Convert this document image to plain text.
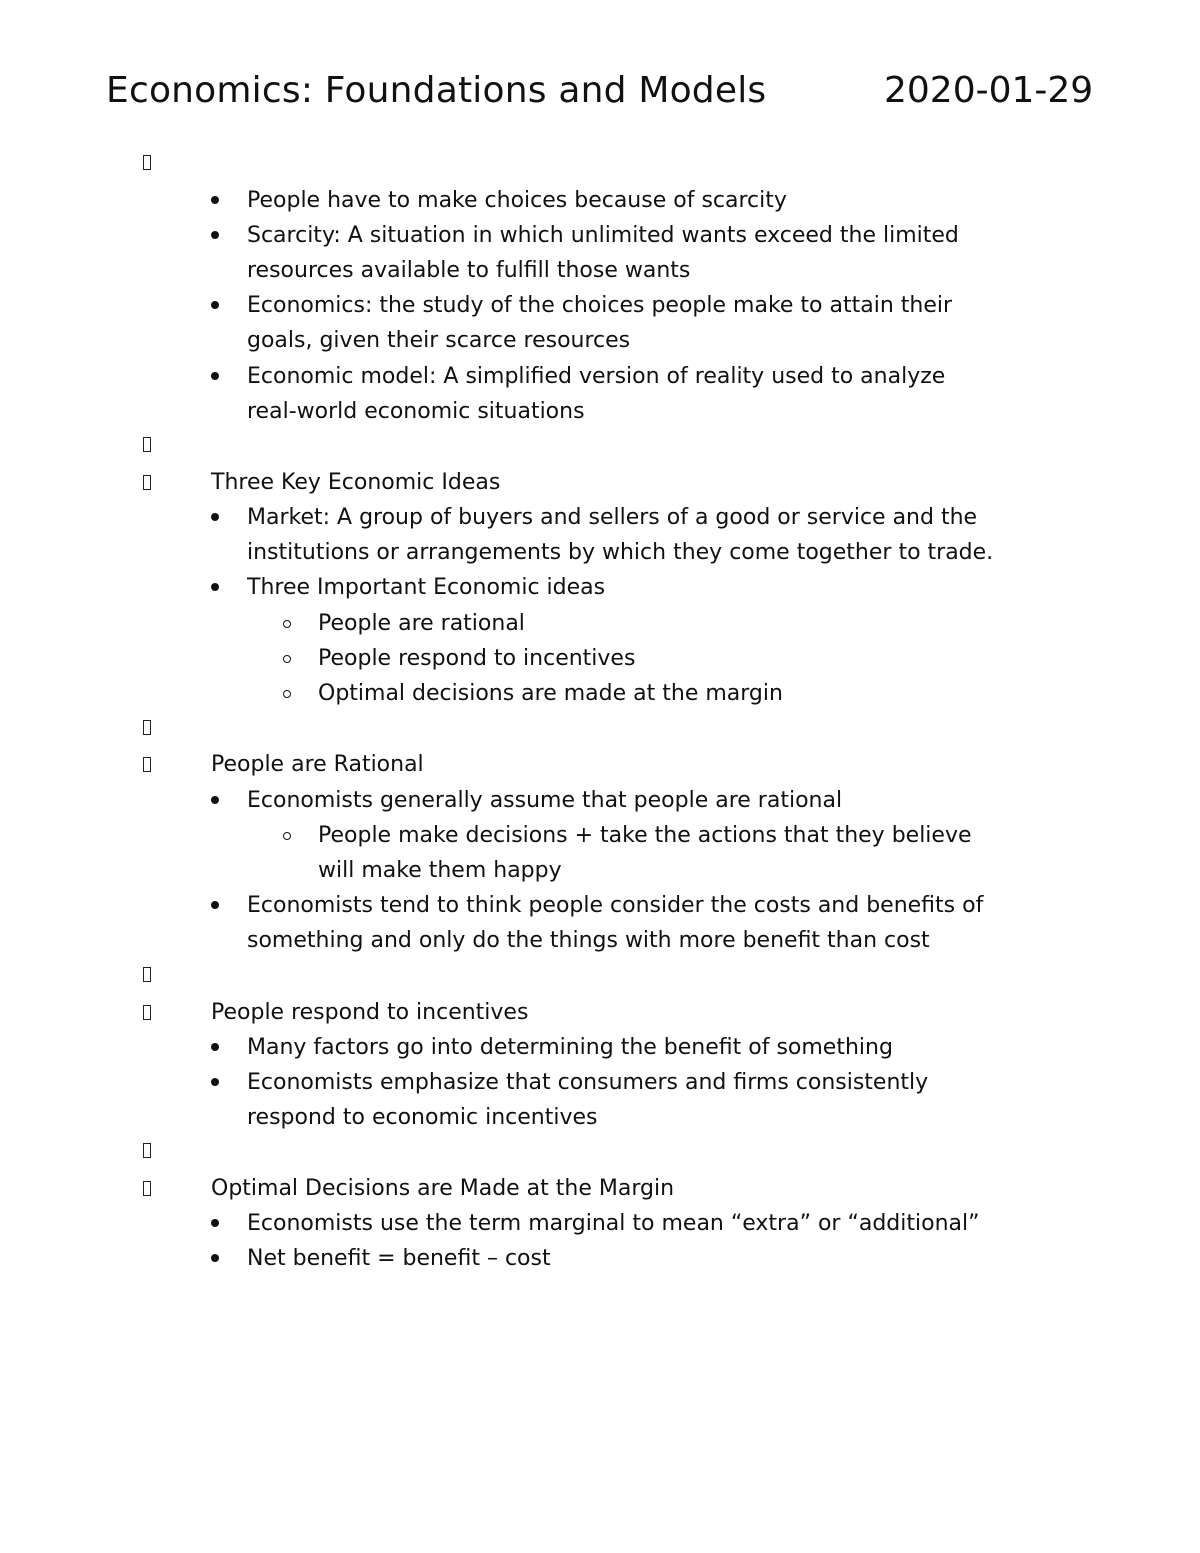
Economics: Foundations and Models	2020-01-29
People have to make choices because of scarcity
Scarcity: A situation in which unlimited wants exceed the limited
resources available to fulfill those wants
Economics: the study of the choices people make to attain their
goals, given their scarce resources
Economic model: A simplified version of reality used to analyze
real-world economic situations
Three Key Economic Ideas
Market: A group of buyers and sellers of a good or service and the
institutions or arrangements by which they come together to trade.
Three Important Economic ideas
People are rational
People respond to incentives
Optimal decisions are made at the margin
People are Rational
Economists generally assume that people are rational
People make decisions + take the actions that they believe
will make them happy
Economists tend to think people consider the costs and benefits of
something and only do the things with more benefit than cost
People respond to incentives
Many factors go into determining the benefit of something
Economists emphasize that consumers and firms consistently
respond to economic incentives
Optimal Decisions are Made at the Margin
Economists use the term marginal to mean “extra” or “additional”
Net benefit = benefit – cost
